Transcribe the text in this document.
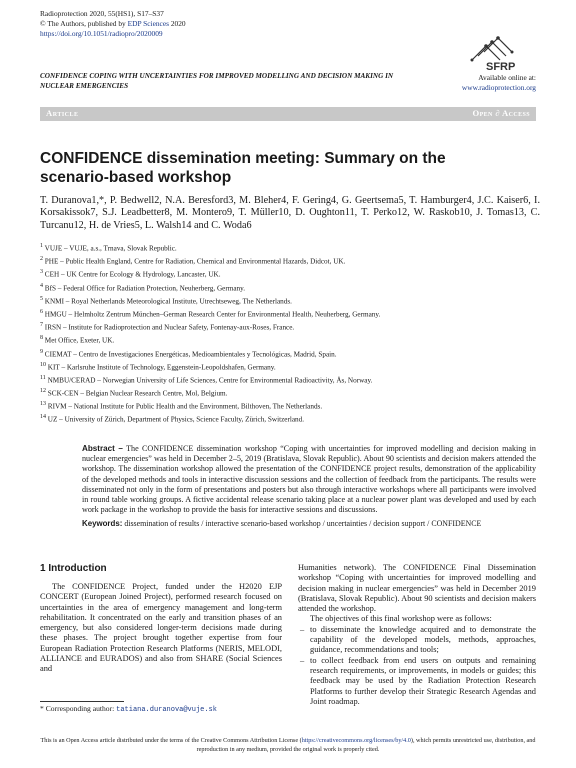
Radioprotection 2020, 55(HS1), S17–S37
© The Authors, published by EDP Sciences 2020
https://doi.org/10.1051/radiopro/2020009
CONFIDENCE COPING WITH UNCERTAINTIES FOR IMPROVED MODELLING AND DECISION MAKING IN NUCLEAR EMERGENCIES
SFRP
Available online at:
www.radioprotection.org
Article	Open ∂ Access
CONFIDENCE dissemination meeting: Summary on the scenario-based workshop
T. Duranova1,*, P. Bedwell2, N.A. Beresford3, M. Bleher4, F. Gering4, G. Geertsema5, T. Hamburger4, J.C. Kaiser6, I. Korsakissok7, S.J. Leadbetter8, M. Montero9, T. Müller10, D. Oughton11, T. Perko12, W. Raskob10, J. Tomas13, C. Turcanu12, H. de Vries5, L. Walsh14 and C. Woda6
$^1$ VUJE – VUJE, a.s., Trnava, Slovak Republic.
$^2$ PHE – Public Health England, Centre for Radiation, Chemical and Environmental Hazards, Didcot, UK.
$^3$ CEH – UK Centre for Ecology & Hydrology, Lancaster, UK.
$^4$ BfS – Federal Office for Radiation Protection, Neuherberg, Germany.
$^5$ KNMI – Royal Netherlands Meteorological Institute, Utrechtseweg, The Netherlands.
$^6$ HMGU – Helmholtz Zentrum München–German Research Center for Environmental Health, Neuherberg, Germany.
$^7$ IRSN – Institute for Radioprotection and Nuclear Safety, Fontenay-aux-Roses, France.
$^8$ Met Office, Exeter, UK.
$^9$ CIEMAT – Centro de Investigaciones Energéticas, Medioambientales y Tecnológicas, Madrid, Spain.
$^{10}$ KIT – Karlsruhe Institute of Technology, Eggenstein-Leopoldshafen, Germany.
$^{11}$ NMBU/CERAD – Norwegian University of Life Sciences, Centre for Environmental Radioactivity, Ås, Norway.
$^{12}$ SCK-CEN – Belgian Nuclear Research Centre, Mol, Belgium.
$^{13}$ RIVM – National Institute for Public Health and the Environment, Bilthoven, The Netherlands.
$^{14}$ UZ – University of Zürich, Department of Physics, Science Faculty, Zürich, Switzerland.
Abstract – The CONFIDENCE dissemination workshop “Coping with uncertainties for improved modelling and decision making in nuclear emergencies” was held in December 2–5, 2019 (Bratislava, Slovak Republic). About 90 scientists and decision makers attended the workshop. The dissemination workshop allowed the presentation of the CONFIDENCE project results, demonstration of the applicability of the developed methods and tools in interactive discussion sessions and the collection of feedback from the participants. The results were disseminated not only in the form of presentations and posters but also through interactive workshops where all participants were involved in round table working groups. A fictive accidental release scenario taking place at a nuclear power plant was developed and used by each work package in the workshop to provide the basis for interactive sessions and discussions.
Keywords: dissemination of results / interactive scenario-based workshop / uncertainties / decision support / CONFIDENCE
1 Introduction

The CONFIDENCE Project, funded under the H2020 EJP CONCERT (European Joined Project), performed research focused on uncertainties in the area of emergency management and long-term rehabilitation. It concentrated on the early and transition phases of an emergency, but also considered longer-term decisions made during these phases. The project brought together expertise from four European Radiation Protection Research Platforms (NERIS, MELODI, ALLIANCE and EURADOS) and also from SHARE (Social Sciences and

Humanities network). The CONFIDENCE Final Dissemination workshop “Coping with uncertainties for improved modelling and decision making in nuclear emergencies” was held in December 2019 (Bratislava, Slovak Republic). About 90 scientists and decision makers attended the workshop.

The objectives of this final workshop were as follows:

– to disseminate the knowledge acquired and to demonstrate the capability of the developed models, methods, approaches, guidance, recommendations and tools;
– to collect feedback from end users on outputs and remaining research requirements, or improvements, in models or guides; this feedback may be used by the Radiation Protection Research Platforms to further develop their Strategic Research Agendas and Joint roadmap.
* Corresponding author: tatiana.duranova@vuje.sk
This is an Open Access article distributed under the terms of the Creative Commons Attribution License (https://creativecommons.org/licenses/by/4.0), which permits unrestricted use, distribution, and reproduction in any medium, provided the original work is properly cited.
